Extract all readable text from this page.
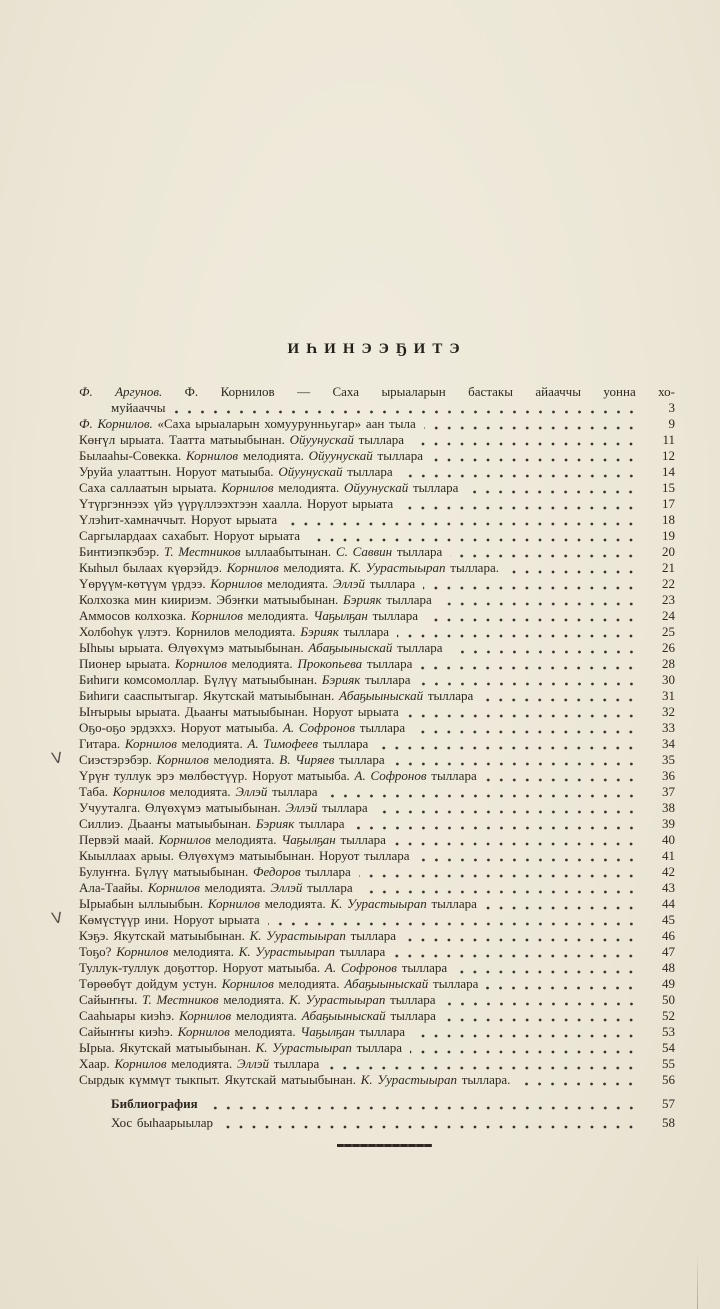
ИҺИНЭЭҔИТЭ
Ф. Аргунов. Ф. Корнилов — Саха ырыаларын бастакы айааччы уонна хо-
муйааччы	3
Ф. Корнилов. «Саха ырыаларын хомуурунньугар» аан тыла	9
Көҥүл ырыата. Таатта матыыбынан. Ойуунускай тыллара	11
Былааһы-Совекка. Корнилов мелодията. Ойуунускай тыллара	12
Уруйа улааттын. Норуот матыыба. Ойуунускай тыллара	14
Саха саллаатын ырыата. Корнилов мелодията. Ойуунускай тыллара	15
Үтүргэннээх үйэ үүрүллээхтээн хаалла. Норуот ырыата	17
Үлэһит-хамначчыт. Норуот ырыата	18
Саргылардаах сахабыт. Норуот ырыата	19
Бинтиэпкэбэр. Т. Местников ыллаабытынан. С. Саввин тыллара	20
Кыһыл былаах күөрэйдэ. Корнилов мелодията. К. Уурастыырап тыллара.	21
Үөрүүм-көтүүм үрдээ. Корнилов мелодията. Эллэй тыллара	22
Колхозка мин киириэм. Эбэҥки матыыбынан. Бэрияк тыллара	23
Аммосов колхозка. Корнилов мелодията. Чаҕылҕан тыллара	24
Холбоһук үлэтэ. Корнилов мелодията. Бэрияк тыллара	25
Ыһыы ырыата. Өлүөхүмэ матыыбынан. Абаҕыыныскай тыллара	26
Пионер ырыата. Корнилов мелодията. Прокопьева тыллара	28
Биһиги комсомоллар. Бүлүү матыыбынан. Бэрияк тыллара	30
Биһиги сааспытыгар. Якутскай матыыбынан. Абаҕыыныскай тыллара	31
Ыҥырыы ырыата. Дьааҥы матыыбынан. Норуот ырыата	32
Оҕо-оҕо эрдэххэ. Норуот матыыба. А. Софронов тыллара	33
Гитара. Корнилов мелодията. А. Тимофеев тыллара	34
V Сиэстэрэбэр. Корнилов мелодията. В. Чиряев тыллара	35
Үрүҥ туллук эрэ мөлбөстүүр. Норуот матыыба. А. Софронов тыллара	36
Таба. Корнилов мелодията. Эллэй тыллара	37
Учууталга. Өлүөхүмэ матыыбынан. Эллэй тыллара	38
Силлиэ. Дьааҥы матыыбынан. Бэрияк тыллара	39
Первэй маай. Корнилов мелодията. Чаҕылҕан тыллара	40
Кыыллаах арыы. Өлүөхүмэ матыыбынан. Норуот тыллара	41
Булуҥҥа. Бүлүү матыыбынан. Федоров тыллара	42
Ала-Таайы. Корнилов мелодията. Эллэй тыллара	43
Ырыабын ыллыыбын. Корнилов мелодията. К. Уурастыырап тыллара	44
V Көмүстүүр ини. Норуот ырыата	45
Кэҕэ. Якутскай матыыбынан. К. Уурастыырап тыллара	46
Тоҕо? Корнилов мелодията. К. Уурастыырап тыллара	47
Туллук-туллук доҕоттор. Норуот матыыба. А. Софронов тыллара	48
Төрөөбүт дойдум устун. Корнилов мелодията. Абаҕыыныскай тыллара	49
Сайыҥҥы. Т. Местников мелодията. К. Уурастыырап тыллара	50
Сааһыары киэһэ. Корнилов мелодията. Абаҕыыныскай тыллара	52
Сайыҥҥы киэһэ. Корнилов мелодията. Чаҕылҕан тыллара	53
Ырыа. Якутскай матыыбынан. К. Уурастыырап тыллара	54
Хаар. Корнилов мелодията. Эллэй тыллара	55
Сырдык күммүт тыкпыт. Якутскай матыыбынан. К. Уурастыырап тыллара.	56
Библиография	57
Хос быһаарыылар	58
